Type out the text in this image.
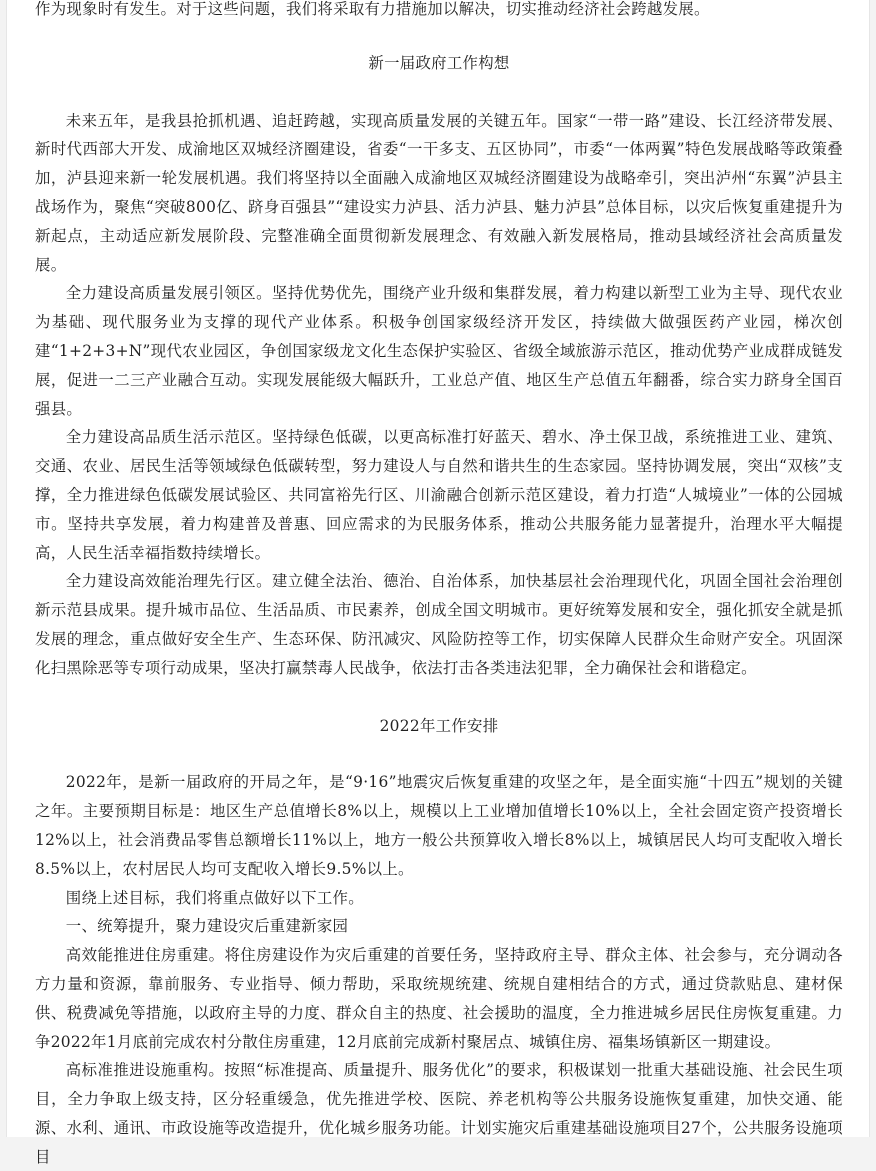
作为现象时有发生。对于这些问题，我们将采取有力措施加以解决，切实推动经济社会跨越发展。

新一届政府工作构想

未来五年，是我县抢抓机遇、追赶跨越，实现高质量发展的关键五年。国家“一带一路”建设、长江经济带发展、新时代西部大开发、成渝地区双城经济圈建设，省委“一干多支、五区协同”，市委“一体两翼”特色发展战略等政策叠加，泸县迎来新一轮发展机遇。我们将坚持以全面融入成渝地区双城经济圈建设为战略牵引，突出泸州“东翼”泸县主战场作为，聚焦“突破800亿、跻身百强县”“建设实力泸县、活力泸县、魅力泸县”总体目标，以灾后恢复重建提升为新起点，主动适应新发展阶段、完整准确全面贯彻新发展理念、有效融入新发展格局，推动县域经济社会高质量发展。

全力建设高质量发展引领区。坚持优势优先，围绕产业升级和集群发展，着力构建以新型工业为主导、现代农业为基础、现代服务业为支撑的现代产业体系。积极争创国家级经济开发区，持续做大做强医药产业园，梯次创建“1+2+3+N”现代农业园区，争创国家级龙文化生态保护实验区、省级全域旅游示范区，推动优势产业成群成链发展，促进一二三产业融合互动。实现发展能级大幅跃升，工业总产值、地区生产总值五年翻番，综合实力跻身全国百强县。

全力建设高品质生活示范区。坚持绿色低碳，以更高标准打好蓝天、碧水、净土保卫战，系统推进工业、建筑、交通、农业、居民生活等领域绿色低碳转型，努力建设人与自然和谐共生的生态家园。坚持协调发展，突出“双核”支撑，全力推进绿色低碳发展试验区、共同富裕先行区、川渝融合创新示范区建设，着力打造“人城境业”一体的公园城市。坚持共享发展，着力构建普及普惠、回应需求的为民服务体系，推动公共服务能力显著提升，治理水平大幅提高，人民生活幸福指数持续增长。

全力建设高效能治理先行区。建立健全法治、德治、自治体系，加快基层社会治理现代化，巩固全国社会治理创新示范县成果。提升城市品位、生活品质、市民素养，创成全国文明城市。更好统筹发展和安全，强化抓安全就是抓发展的理念，重点做好安全生产、生态环保、防汛减灾、风险防控等工作，切实保障人民群众生命财产安全。巩固深化扫黑除恶等专项行动成果，坚决打赢禁毒人民战争，依法打击各类违法犯罪，全力确保社会和谐稳定。

2022年工作安排

2022年，是新一届政府的开局之年，是“9·16”地震灾后恢复重建的攻坚之年，是全面实施“十四五”规划的关键之年。主要预期目标是：地区生产总值增长8%以上，规模以上工业增加值增长10%以上，全社会固定资产投资增长12%以上，社会消费品零售总额增长11%以上，地方一般公共预算收入增长8%以上，城镇居民人均可支配收入增长8.5%以上，农村居民人均可支配收入增长9.5%以上。

围绕上述目标，我们将重点做好以下工作。

一、统筹提升，聚力建设灾后重建新家园

高效能推进住房重建。将住房建设作为灾后重建的首要任务，坚持政府主导、群众主体、社会参与，充分调动各方力量和资源，靠前服务、专业指导、倾力帮助，采取统规统建、统规自建相结合的方式，通过贷款贴息、建材保供、税费减免等措施，以政府主导的力度、群众自主的热度、社会援助的温度，全力推进城乡居民住房恢复重建。力争2022年1月底前完成农村分散住房重建，12月底前完成新村聚居点、城镇住房、福集场镇新区一期建设。

高标准推进设施重构。按照“标准提高、质量提升、服务优化”的要求，积极谋划一批重大基础设施、社会民生项目，全力争取上级支持，区分轻重缓急，优先推进学校、医院、养老机构等公共服务设施恢复重建，加快交通、能源、水利、通讯、市政设施等改造提升，优化城乡服务功能。计划实施灾后重建基础设施项目27个，公共服务设施项目
